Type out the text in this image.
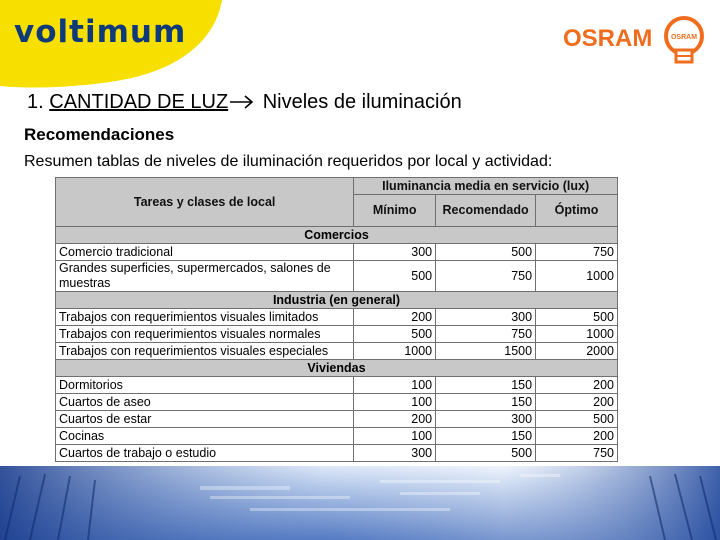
voltimum	OSRAM	OSRAM
1. CANTIDAD DE LUZ Niveles de iluminación
Recomendaciones
Resumen tablas de niveles de iluminación requeridos por local y actividad:
Tareas y clases de local	Iluminancia media en servicio (lux)		
	Mínimo	Recomendado	Óptimo
Comercios			
Comercio tradicional	300	500	750
Grandes superficies, supermercados, salones de muestras	500	750	1000
Industria (en general)			
Trabajos con requerimientos visuales limitados	200	300	500
Trabajos con requerimientos visuales normales	500	750	1000
Trabajos con requerimientos visuales especiales	1000	1500	2000
Viviendas			
Dormitorios	100	150	200
Cuartos de aseo	100	150	200
Cuartos de estar	200	300	500
Cocinas	100	150	200
Cuartos de trabajo o estudio	300	500	750
